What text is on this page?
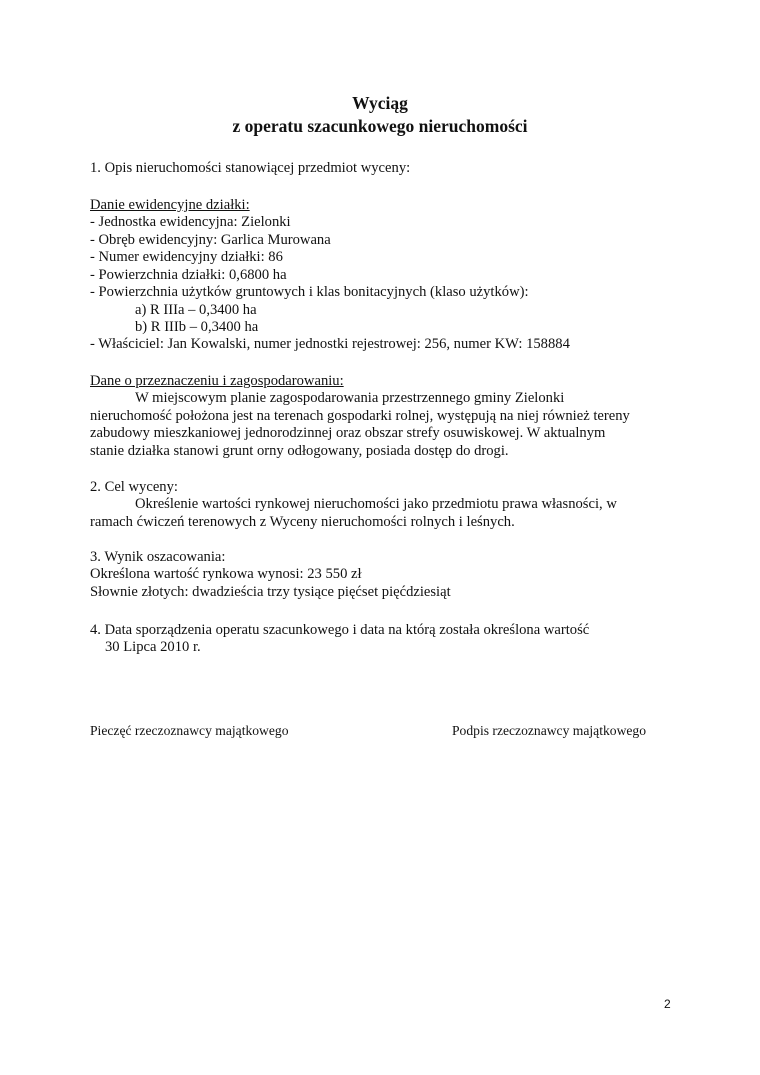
Wyciąg
z operatu szacunkowego nieruchomości
1. Opis nieruchomości stanowiącej przedmiot wyceny:
Danie ewidencyjne działki:
- Jednostka ewidencyjna: Zielonki
- Obręb ewidencyjny: Garlica Murowana
- Numer ewidencyjny działki: 86
- Powierzchnia działki: 0,6800 ha
- Powierzchnia użytków gruntowych i klas bonitacyjnych (klaso użytków):
a) R IIIa – 0,3400 ha
b) R IIIb – 0,3400 ha
- Właściciel: Jan Kowalski, numer jednostki rejestrowej: 256, numer KW: 158884
Dane o przeznaczeniu i zagospodarowaniu:
W miejscowym planie zagospodarowania przestrzennego gminy Zielonki
nieruchomość położona jest na terenach gospodarki rolnej, występują na niej również tereny
zabudowy mieszkaniowej jednorodzinnej oraz obszar strefy osuwiskowej. W aktualnym
stanie działka stanowi grunt orny odłogowany, posiada dostęp do drogi.
2. Cel wyceny:
Określenie wartości rynkowej nieruchomości jako przedmiotu prawa własności, w
ramach ćwiczeń terenowych z Wyceny nieruchomości rolnych i leśnych.
3. Wynik oszacowania:
Określona wartość rynkowa wynosi: 23 550 zł
Słownie złotych: dwadzieścia trzy tysiące pięćset pięćdziesiąt
4. Data sporządzenia operatu szacunkowego i data na którą została określona wartość
30 Lipca 2010 r.
Pieczęć rzeczoznawcy majątkowego	Podpis rzeczoznawcy majątkowego
2
